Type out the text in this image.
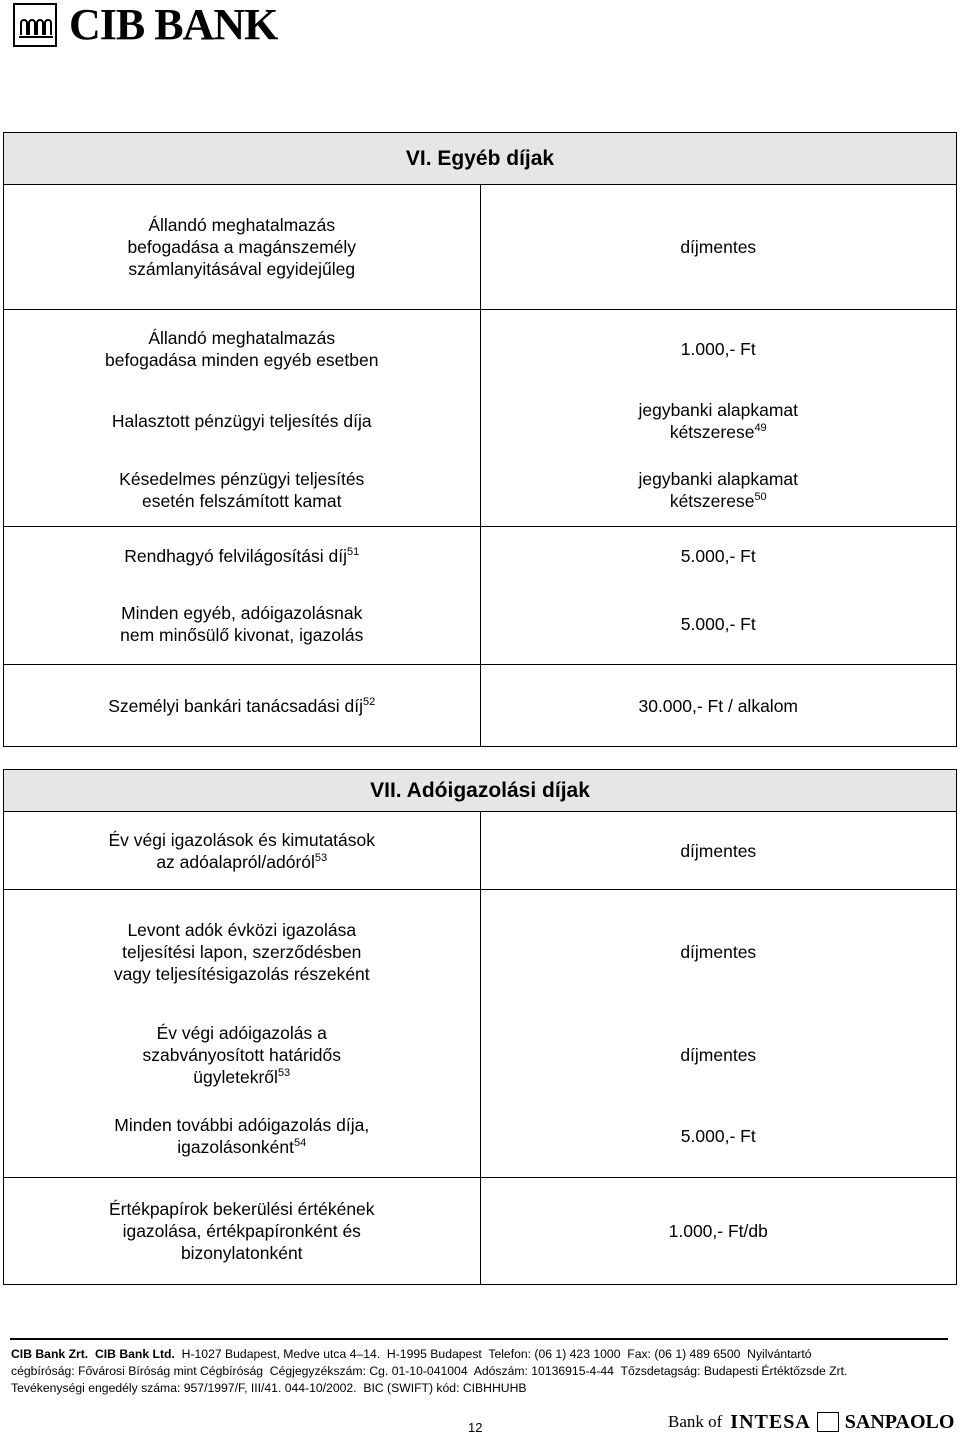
CIB BANK
VI. Egyéb díjak	
Állandó meghatalmazás
befogadása a magánszemély
számlanyitásával egyidejűleg	díjmentes
Állandó meghatalmazás
befogadása minden egyéb esetben	1.000,- Ft
Halasztott pénzügyi teljesítés díja	jegybanki alapkamat
kétszerese$^{49}$
Késedelmes pénzügyi teljesítés
esetén felszámított kamat	jegybanki alapkamat
kétszerese$^{50}$
Rendhagyó felvilágosítási díj$^{51}$	5.000,- Ft
Minden egyéb, adóigazolásnak
nem minősülő kivonat, igazolás	5.000,- Ft
Személyi bankári tanácsadási díj$^{52}$	30.000,- Ft / alkalom
VII. Adóigazolási díjak	
Év végi igazolások és kimutatások
az adóalapról/adóról$^{53}$	díjmentes
Levont adók évközi igazolása
teljesítési lapon, szerződésben
vagy teljesítésigazolás részeként	díjmentes
Év végi adóigazolás a
szabványosított határidős
ügyletekről$^{53}$	díjmentes
Minden további adóigazolás díja,
igazolásonként$^{54}$	5.000,- Ft
Értékpapírok bekerülési értékének
igazolása, értékpapíronként és
bizonylatonként	1.000,- Ft/db
CIB Bank Zrt.  CIB Bank Ltd.  H-1027 Budapest, Medve utca 4–14.  H-1995 Budapest  Telefon: (06 1) 423 1000  Fax: (06 1) 489 6500  Nyilvántartó
cégbíróság: Fővárosi Bíróság mint Cégbíróság  Cégjegyzékszám: Cg. 01-10-041004  Adószám: 10136915-4-44  Tőzsdetagság: Budapesti Értéktőzsde Zrt.
Tevékenységi engedély száma: 957/1997/F, III/41. 044-10/2002.  BIC (SWIFT) kód: CIBHHUHB
12	Bank of INTESA SANPAOLO
